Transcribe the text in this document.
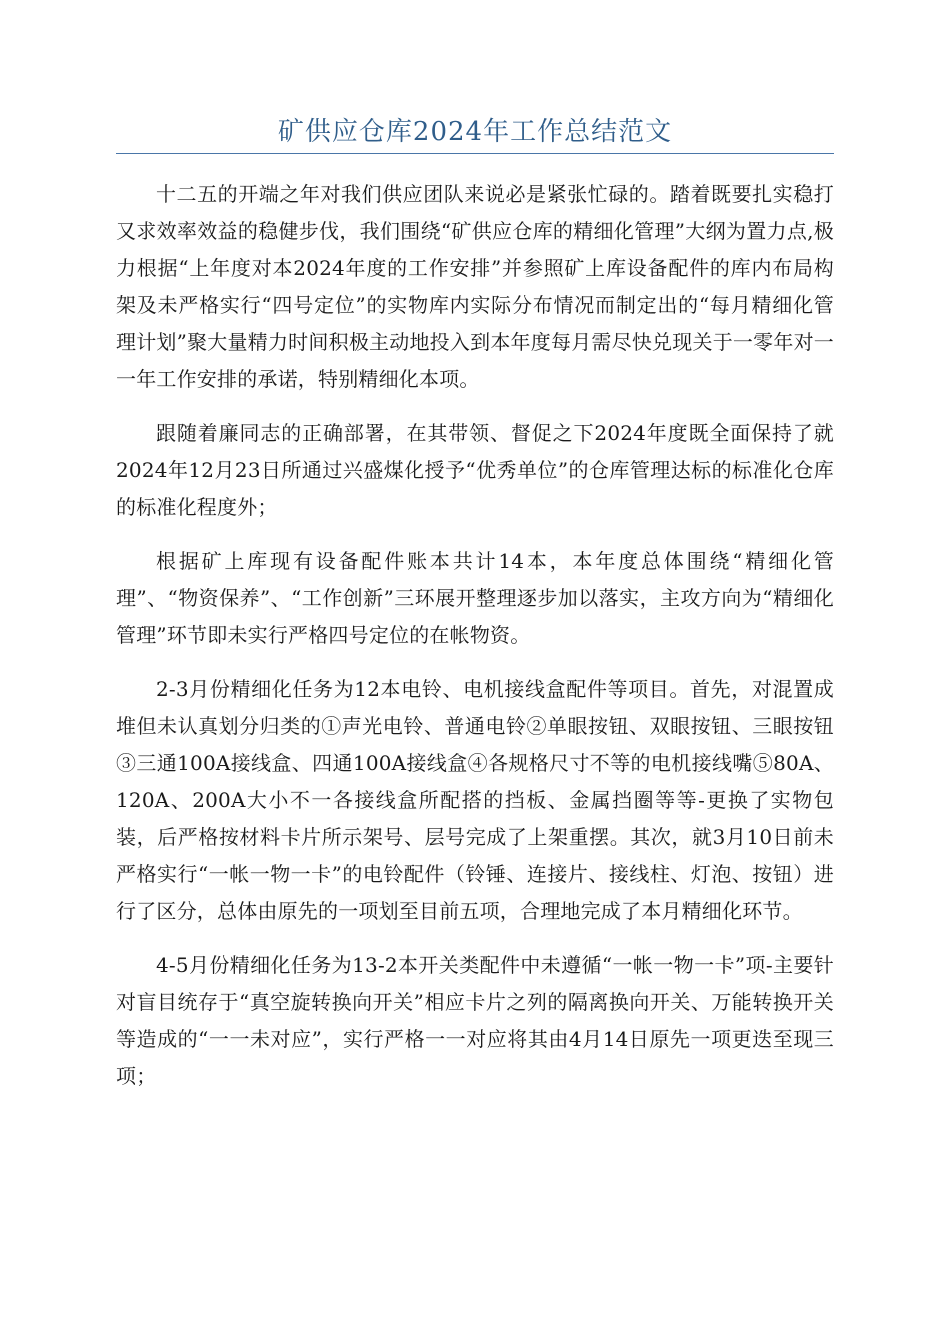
矿供应仓库2024年工作总结范文

十二五的开端之年对我们供应团队来说必是紧张忙碌的。踏着既要扎实稳打又求效率效益的稳健步伐，我们围绕“矿供应仓库的精细化管理”大纲为置力点,极力根据“上年度对本2024年度的工作安排”并参照矿上库设备配件的库内布局构架及未严格实行“四号定位”的实物库内实际分布情况而制定出的“每月精细化管理计划”聚大量精力时间积极主动地投入到本年度每月需尽快兑现关于一零年对一一年工作安排的承诺，特别精细化本项。

跟随着廉同志的正确部署，在其带领、督促之下2024年度既全面保持了就2024年12月23日所通过兴盛煤化授予“优秀单位”的仓库管理达标的标准化仓库的标准化程度外；

根据矿上库现有设备配件账本共计14本，本年度总体围绕“精细化管理”、“物资保养”、“工作创新”三环展开整理逐步加以落实，主攻方向为“精细化管理”环节即未实行严格四号定位的在帐物资。

2-3月份精细化任务为12本电铃、电机接线盒配件等项目。首先，对混置成堆但未认真划分归类的①声光电铃、普通电铃②单眼按钮、双眼按钮、三眼按钮③三通100A接线盒、四通100A接线盒④各规格尺寸不等的电机接线嘴⑤80A、120A、200A大小不一各接线盒所配搭的挡板、金属挡圈等等-更换了实物包装，后严格按材料卡片所示架号、层号完成了上架重摆。其次，就3月10日前未严格实行“一帐一物一卡”的电铃配件（铃锤、连接片、接线柱、灯泡、按钮）进行了区分，总体由原先的一项划至目前五项，合理地完成了本月精细化环节。

4-5月份精细化任务为13-2本开关类配件中未遵循“一帐一物一卡”项-主要针对盲目统存于“真空旋转换向开关”相应卡片之列的隔离换向开关、万能转换开关等造成的“一一未对应”，实行严格一一对应将其由4月14日原先一项更迭至现三项；
